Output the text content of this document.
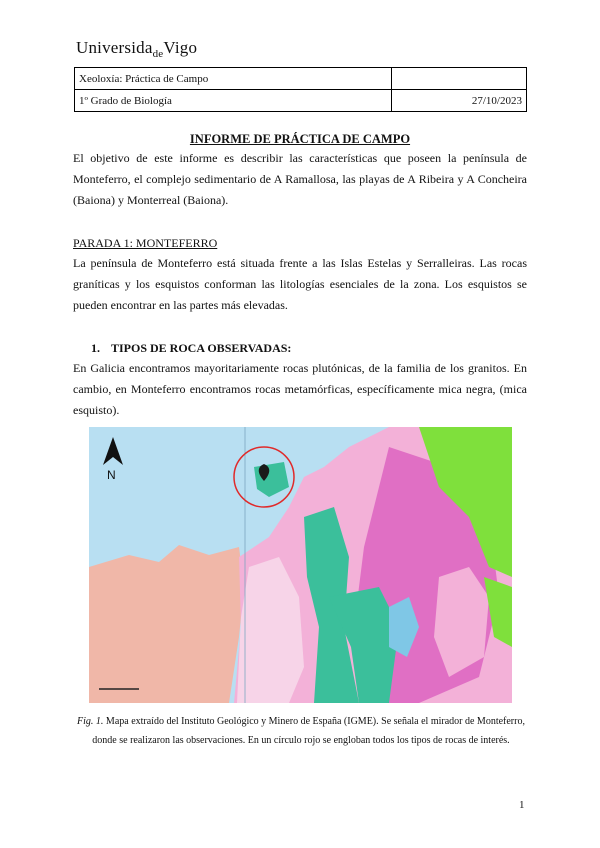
Universida$_{de}$Vigo
Xeoloxía: Práctica de Campo	
1º Grado de Biología	27/10/2023
INFORME DE PRÁCTICA DE CAMPO
El objetivo de este informe es describir las características que poseen la península de Monteferro, el complejo sedimentario de A Ramallosa, las playas de A Ribeira y A Concheira (Baiona) y Monterreal (Baiona).
PARADA 1: MONTEFERRO
La península de Monteferro está situada frente a las Islas Estelas y Serralleiras. Las rocas graníticas y los esquistos conforman las litologías esenciales de la zona. Los esquistos se pueden encontrar en las partes más elevadas.
1. TIPOS DE ROCA OBSERVADAS:
En Galicia encontramos mayoritariamente rocas plutónicas, de la familia de los granitos. En cambio, en Monteferro encontramos rocas metamórficas, específicamente mica negra, (mica esquisto).
N
Fig. 1. Mapa extraído del Instituto Geológico y Minero de España (IGME). Se señala el mirador de Monteferro, donde se realizaron las observaciones. En un círculo rojo se engloban todos los tipos de rocas de interés.
1
